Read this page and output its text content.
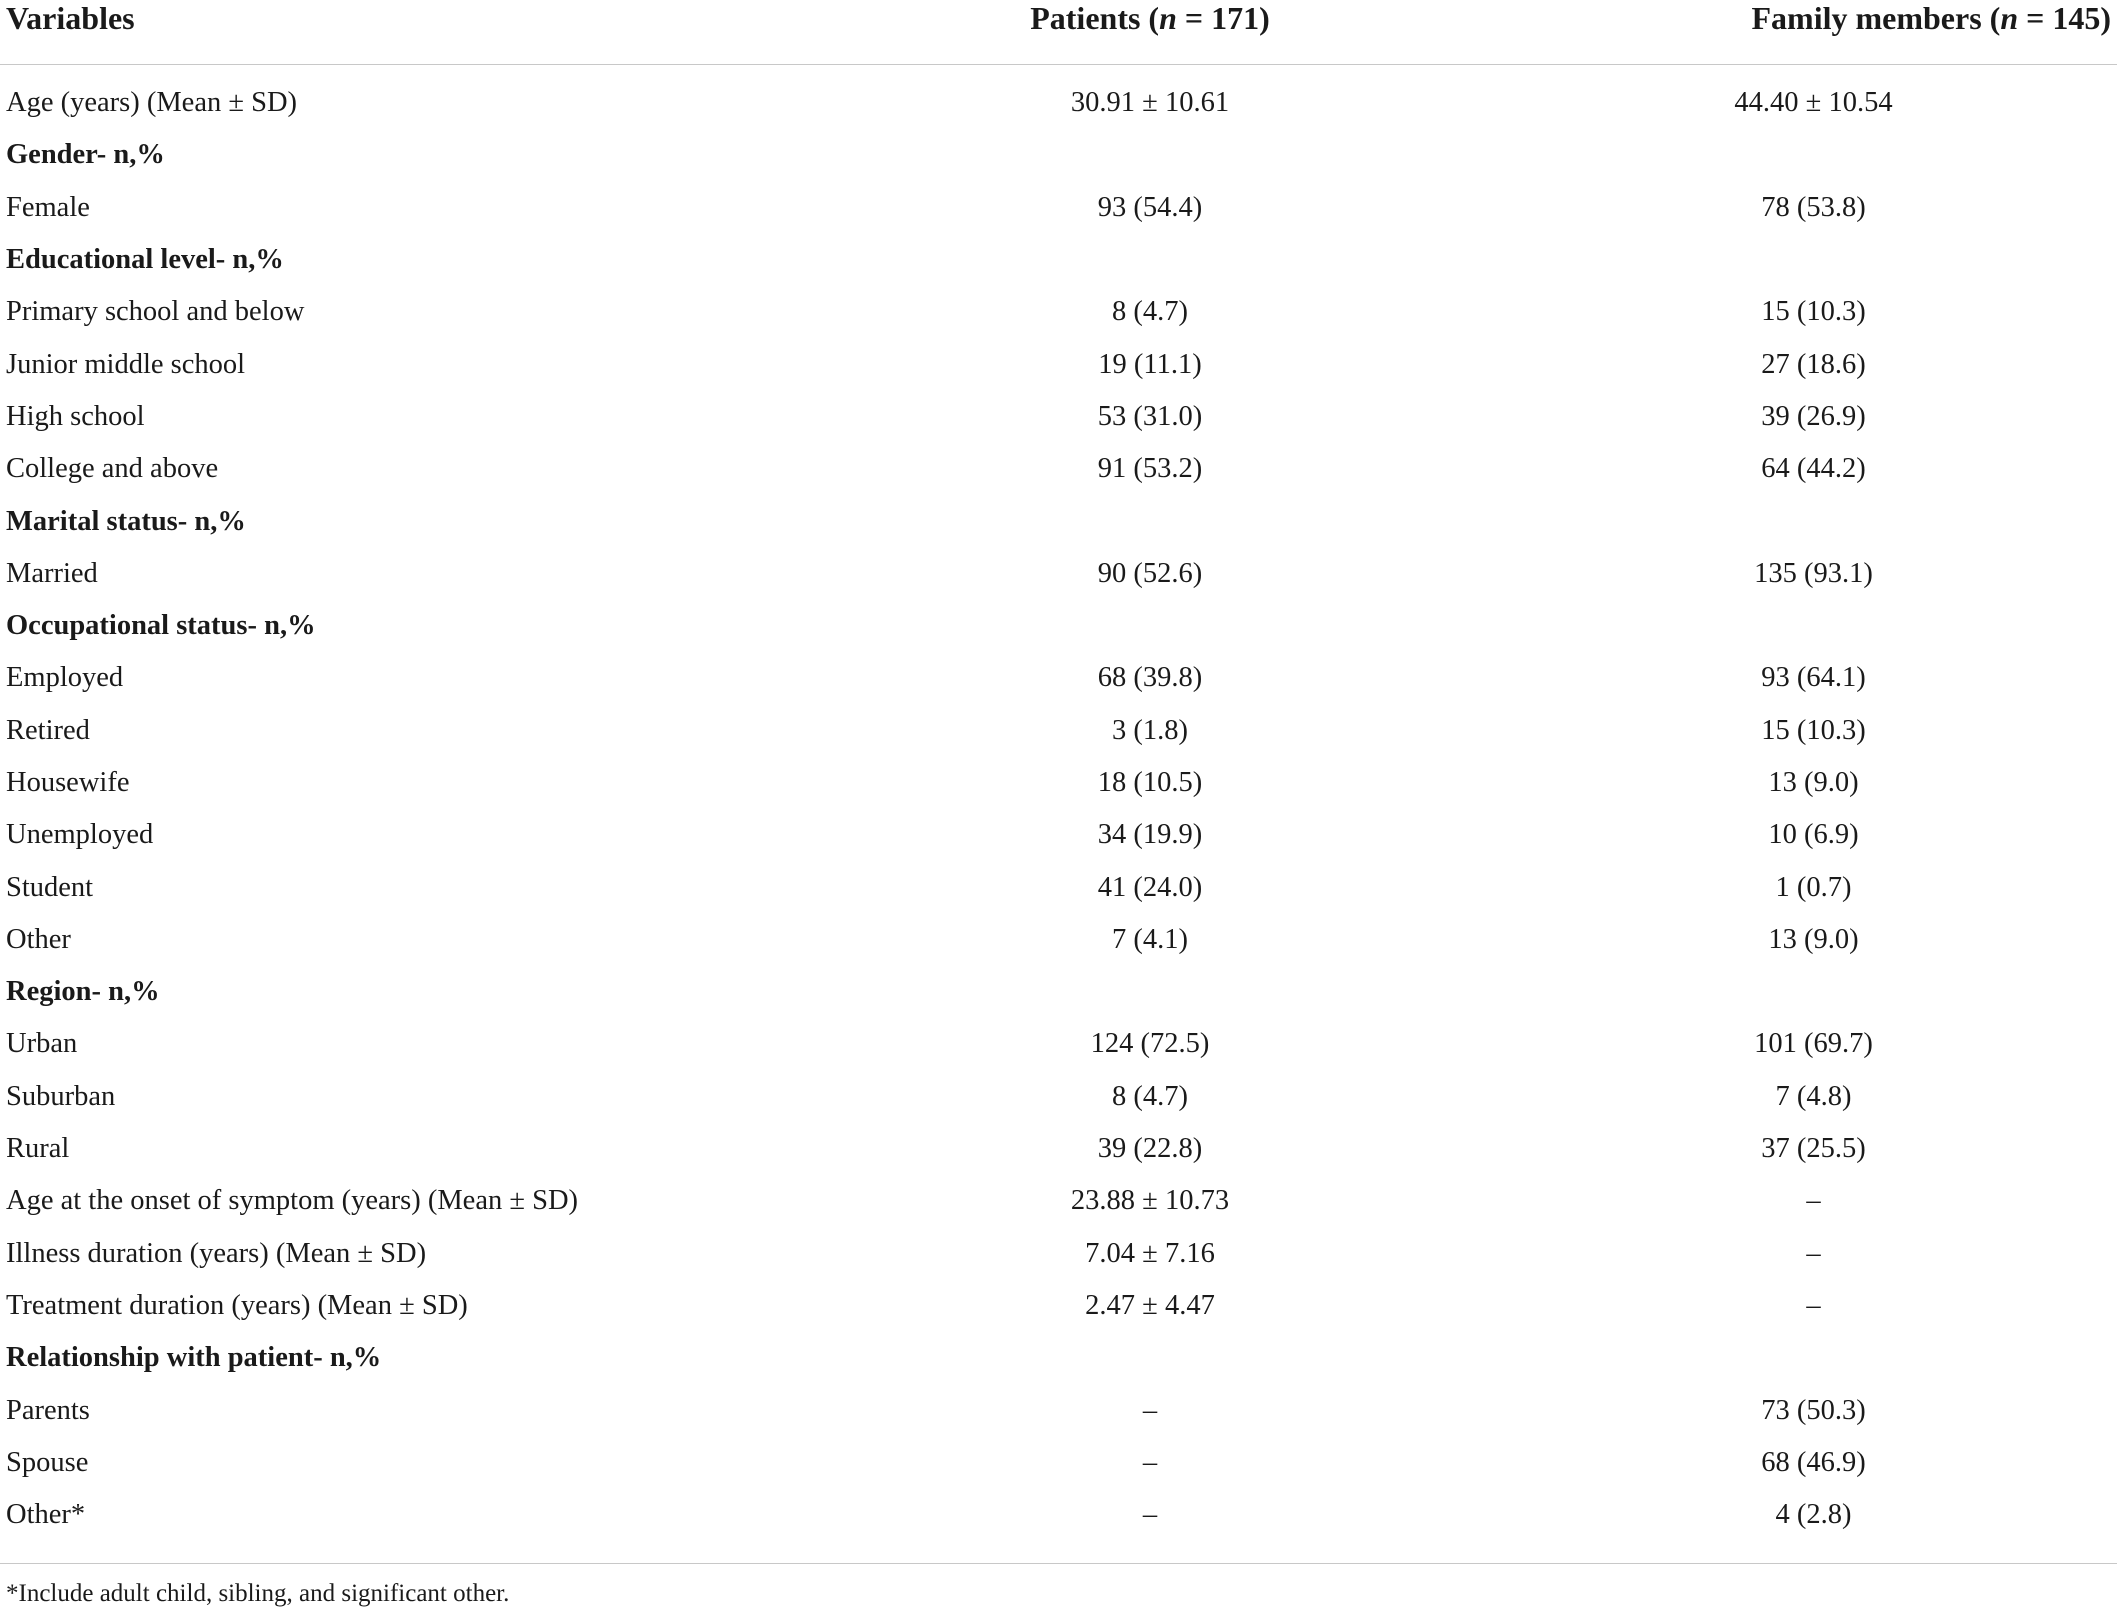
Variables	Patients (n = 171)	Family members (n = 145)
Age (years) (Mean ± SD)	30.91 ± 10.61	44.40 ± 10.54
Gender- n,%		
Female	93 (54.4)	78 (53.8)
Educational level- n,%		
Primary school and below	8 (4.7)	15 (10.3)
Junior middle school	19 (11.1)	27 (18.6)
High school	53 (31.0)	39 (26.9)
College and above	91 (53.2)	64 (44.2)
Marital status- n,%		
Married	90 (52.6)	135 (93.1)
Occupational status- n,%		
Employed	68 (39.8)	93 (64.1)
Retired	3 (1.8)	15 (10.3)
Housewife	18 (10.5)	13 (9.0)
Unemployed	34 (19.9)	10 (6.9)
Student	41 (24.0)	1 (0.7)
Other	7 (4.1)	13 (9.0)
Region- n,%		
Urban	124 (72.5)	101 (69.7)
Suburban	8 (4.7)	7 (4.8)
Rural	39 (22.8)	37 (25.5)
Age at the onset of symptom (years) (Mean ± SD)	23.88 ± 10.73	–
Illness duration (years) (Mean ± SD)	7.04 ± 7.16	–
Treatment duration (years) (Mean ± SD)	2.47 ± 4.47	–
Relationship with patient- n,%		
Parents	–	73 (50.3)
Spouse	–	68 (46.9)
Other*	–	4 (2.8)
*Include adult child, sibling, and significant other.
